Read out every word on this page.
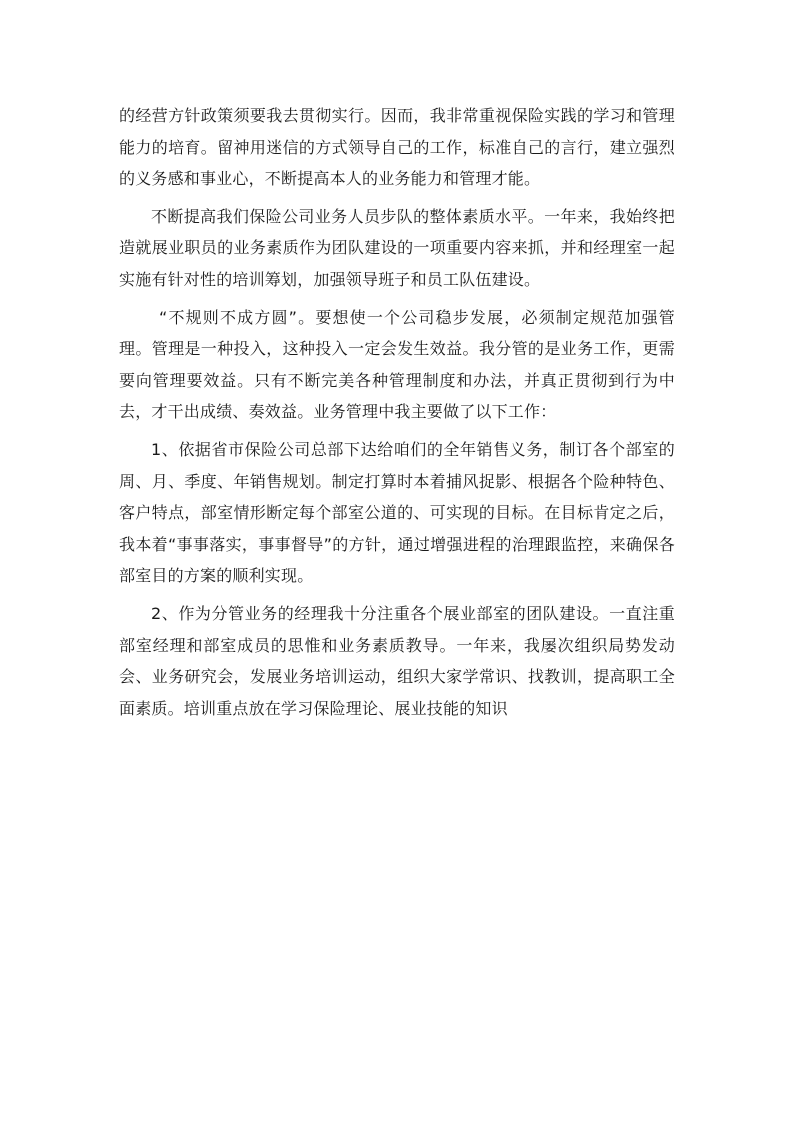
的经营方针政策须要我去贯彻实行。因而，我非常重视保险实践的学习和管理能力的培育。留神用迷信的方式领导自己的工作，标准自己的言行，建立强烈的义务感和事业心，不断提高本人的业务能力和管理才能。

不断提高我们保险公司业务人员步队的整体素质水平。一年来，我始终把造就展业职员的业务素质作为团队建设的一项重要内容来抓，并和经理室一起实施有针对性的培训筹划，加强领导班子和员工队伍建设。

“不规则不成方圆”。要想使一个公司稳步发展，必须制定规范加强管理。管理是一种投入，这种投入一定会发生效益。我分管的是业务工作，更需要向管理要效益。只有不断完美各种管理制度和办法，并真正贯彻到行为中去，才干出成绩、奏效益。业务管理中我主要做了以下工作：

1、依据省市保险公司总部下达给咱们的全年销售义务，制订各个部室的周、月、季度、年销售规划。制定打算时本着捕风捉影、根据各个险种特色、客户特点，部室情形断定每个部室公道的、可实现的目标。在目标肯定之后，我本着“事事落实，事事督导”的方针，通过增强进程的治理跟监控，来确保各部室目的方案的顺利实现。

2、作为分管业务的经理我十分注重各个展业部室的团队建设。一直注重部室经理和部室成员的思惟和业务素质教导。一年来，我屡次组织局势发动会、业务研究会，发展业务培训运动，组织大家学常识、找教训，提高职工全面素质。培训重点放在学习保险理论、展业技能的知识
